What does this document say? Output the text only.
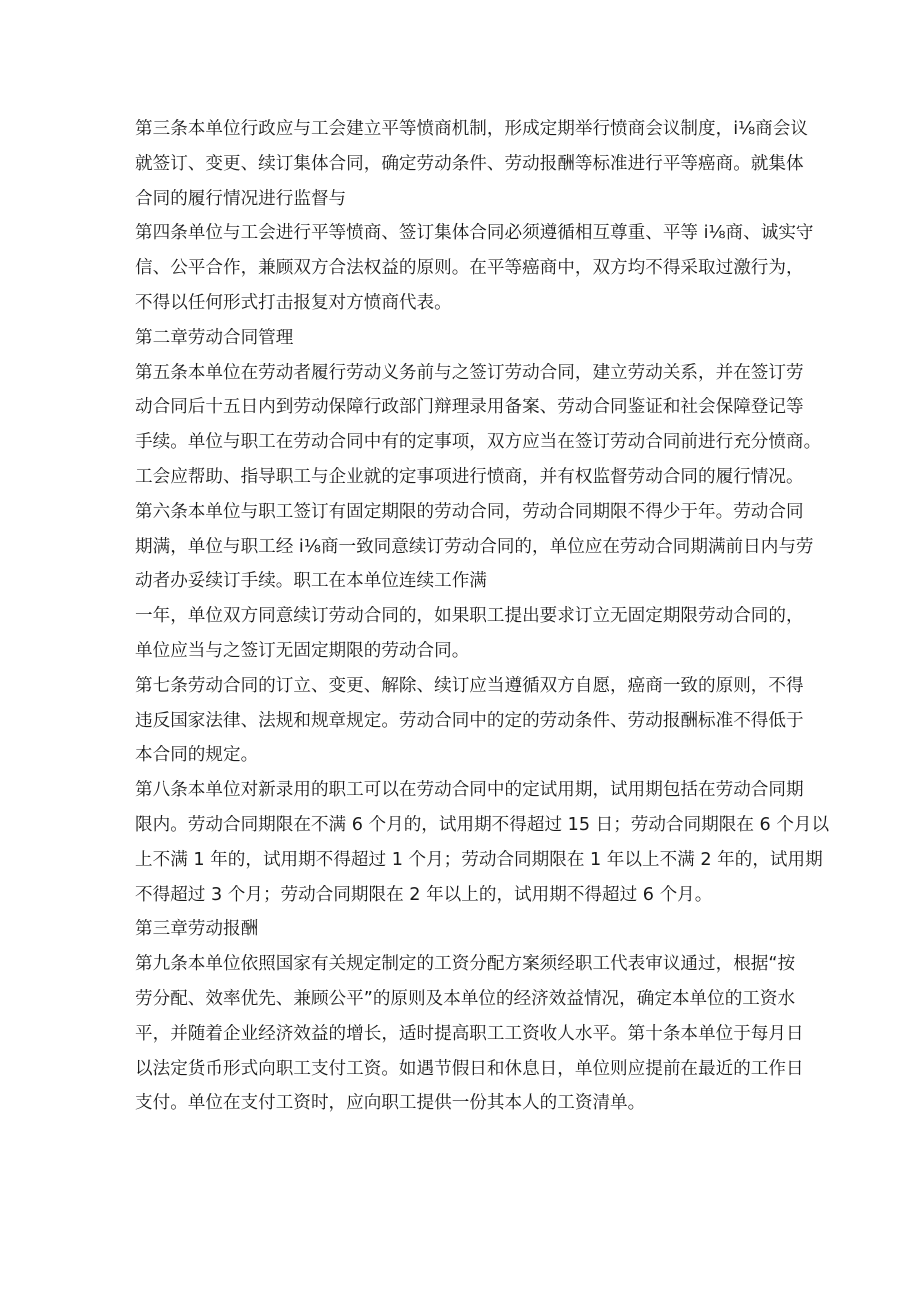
第三条本单位行政应与工会建立平等愤商机制，形成定期举行愤商会议制度，i⅛商会议
就签订、变更、续订集体合同，确定劳动条件、劳动报酬等标准进行平等癌商。就集体
合同的履行情况进行监督与
第四条单位与工会进行平等愤商、签订集体合同必须遵循相互尊重、平等 i⅛商、诚实守
信、公平合作，兼顾双方合法权益的原则。在平等癌商中，双方均不得采取过激行为，
不得以任何形式打击报复对方愤商代表。
第二章劳动合同管理
第五条本单位在劳动者履行劳动义务前与之签订劳动合同，建立劳动关系，并在签订劳
动合同后十五日内到劳动保障行政部门辩理录用备案、劳动合同鉴证和社会保障登记等
手续。单位与职工在劳动合同中有的定事项，双方应当在签订劳动合同前进行充分愤商。
工会应帮助、指导职工与企业就的定事项进行愤商，并有权监督劳动合同的履行情况。
第六条本单位与职工签订有固定期限的劳动合同，劳动合同期限不得少于年。劳动合同
期满，单位与职工经 i⅛商一致同意续订劳动合同的，单位应在劳动合同期满前日内与劳
动者办妥续订手续。职工在本单位连续工作满
一年，单位双方同意续订劳动合同的，如果职工提出要求订立无固定期限劳动合同的，
单位应当与之签订无固定期限的劳动合同。
第七条劳动合同的订立、变更、解除、续订应当遵循双方自愿，癌商一致的原则，不得
违反国家法律、法规和规章规定。劳动合同中的定的劳动条件、劳动报酬标准不得低于
本合同的规定。
第八条本单位对新录用的职工可以在劳动合同中的定试用期，试用期包括在劳动合同期
限内。劳动合同期限在不满 6 个月的，试用期不得超过 15 日；劳动合同期限在 6 个月以
上不满 1 年的，试用期不得超过 1 个月；劳动合同期限在 1 年以上不满 2 年的，试用期
不得超过 3 个月；劳动合同期限在 2 年以上的，试用期不得超过 6 个月。
第三章劳动报酬
第九条本单位依照国家有关规定制定的工资分配方案须经职工代表审议通过，根据“按
劳分配、效率优先、兼顾公平”的原则及本单位的经济效益情况，确定本单位的工资水
平，并随着企业经济效益的增长，适时提高职工工资收人水平。第十条本单位于每月日
以法定货币形式向职工支付工资。如遇节假日和休息日，单位则应提前在最近的工作日
支付。单位在支付工资时，应向职工提供一份其本人的工资清单。
